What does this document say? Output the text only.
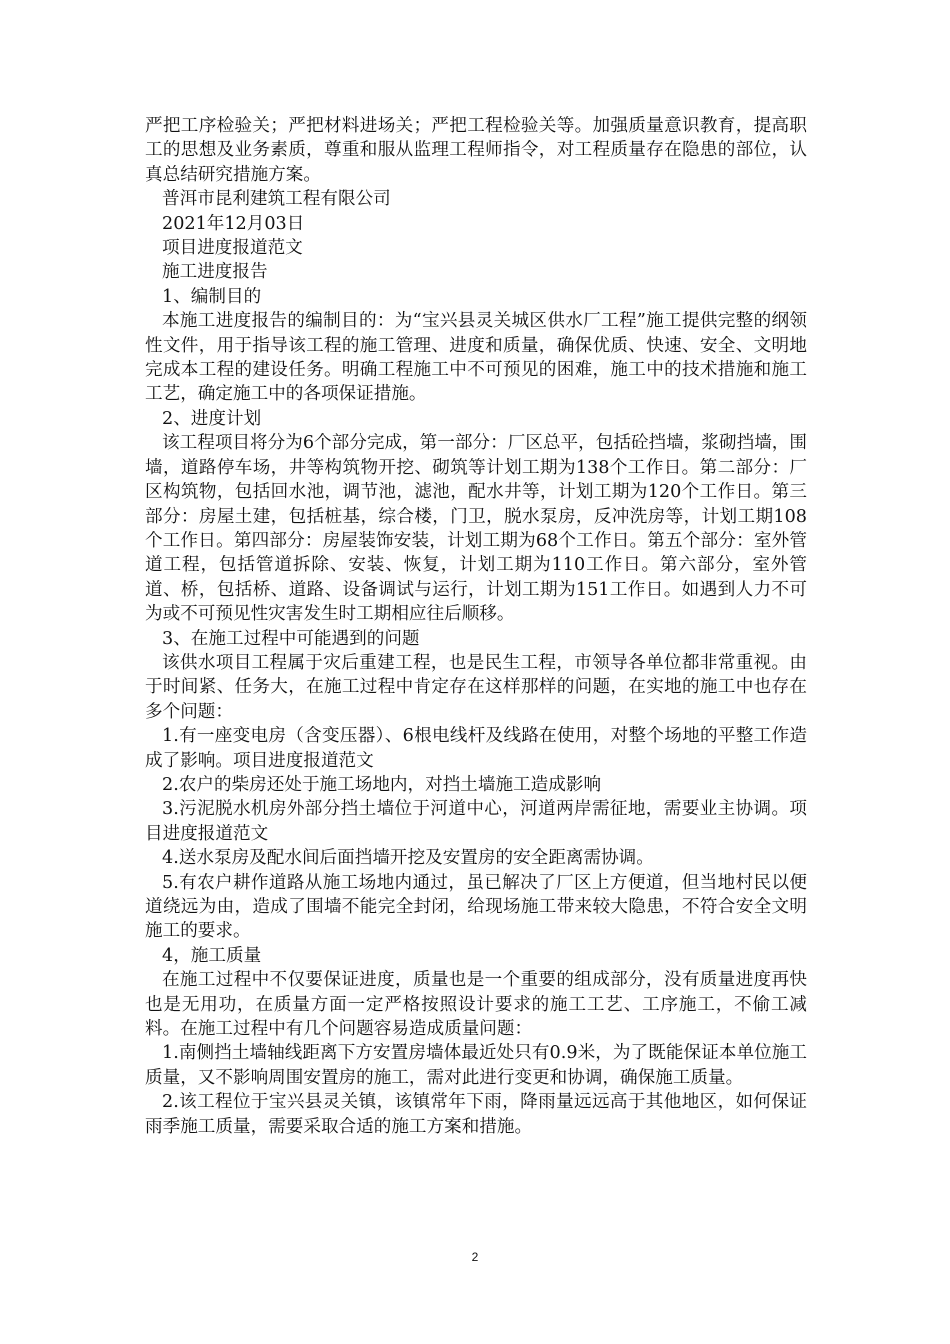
严把工序检验关；严把材料进场关；严把工程检验关等。加强质量意识教育，提高职工的思想及业务素质，尊重和服从监理工程师指令，对工程质量存在隐患的部位，认真总结研究措施方案。

普洱市昆利建筑工程有限公司

2021年12月03日

项目进度报道范文

施工进度报告

1、编制目的

本施工进度报告的编制目的：为“宝兴县灵关城区供水厂工程”施工提供完整的纲领性文件，用于指导该工程的施工管理、进度和质量，确保优质、快速、安全、文明地完成本工程的建设任务。明确工程施工中不可预见的困难，施工中的技术措施和施工工艺，确定施工中的各项保证措施。

2、进度计划

该工程项目将分为6个部分完成，第一部分：厂区总平，包括砼挡墙，浆砌挡墙，围墙，道路停车场，井等构筑物开挖、砌筑等计划工期为138个工作日。第二部分：厂区构筑物，包括回水池，调节池，滤池，配水井等，计划工期为120个工作日。第三部分：房屋土建，包括桩基，综合楼，门卫，脱水泵房，反冲洗房等，计划工期108个工作日。第四部分：房屋装饰安装，计划工期为68个工作日。第五个部分：室外管道工程，包括管道拆除、安装、恢复，计划工期为110工作日。第六部分，室外管道、桥，包括桥、道路、设备调试与运行，计划工期为151工作日。如遇到人力不可为或不可预见性灾害发生时工期相应往后顺移。

3、在施工过程中可能遇到的问题

该供水项目工程属于灾后重建工程，也是民生工程，市领导各单位都非常重视。由于时间紧、任务大，在施工过程中肯定存在这样那样的问题，在实地的施工中也存在多个问题：

1.有一座变电房（含变压器）、6根电线杆及线路在使用，对整个场地的平整工作造成了影响。项目进度报道范文

2.农户的柴房还处于施工场地内，对挡土墙施工造成影响

3.污泥脱水机房外部分挡土墙位于河道中心，河道两岸需征地，需要业主协调。项目进度报道范文

4.送水泵房及配水间后面挡墙开挖及安置房的安全距离需协调。

5.有农户耕作道路从施工场地内通过，虽已解决了厂区上方便道，但当地村民以便道绕远为由，造成了围墙不能完全封闭，给现场施工带来较大隐患，不符合安全文明施工的要求。

4，施工质量

在施工过程中不仅要保证进度，质量也是一个重要的组成部分，没有质量进度再快也是无用功，在质量方面一定严格按照设计要求的施工工艺、工序施工，不偷工减料。在施工过程中有几个问题容易造成质量问题：

1.南侧挡土墙轴线距离下方安置房墙体最近处只有0.9米，为了既能保证本单位施工质量，又不影响周围安置房的施工，需对此进行变更和协调，确保施工质量。

2.该工程位于宝兴县灵关镇，该镇常年下雨，降雨量远远高于其他地区，如何保证雨季施工质量，需要采取合适的施工方案和措施。

2
